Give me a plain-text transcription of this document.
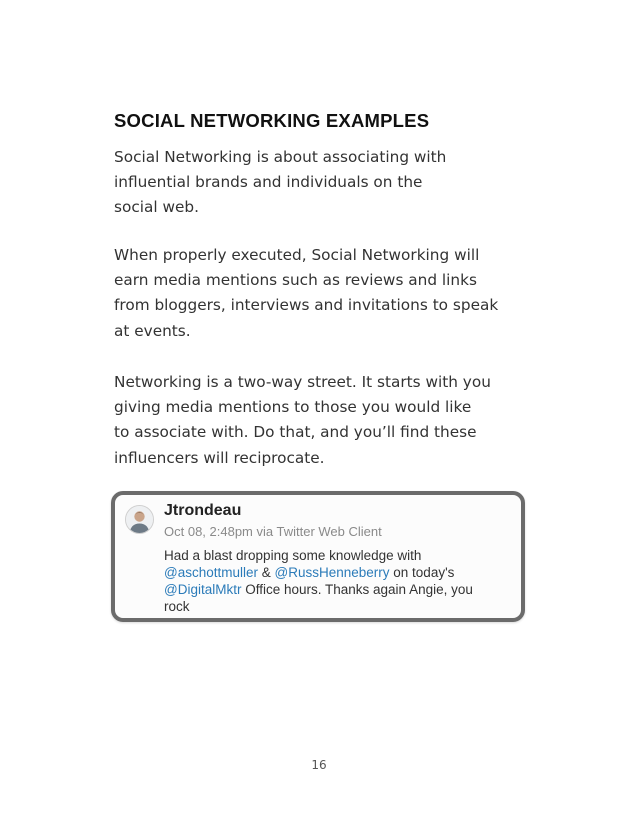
SOCIAL NETWORKING EXAMPLES

Social Networking is about associating with
influential brands and individuals on the
social web.

When properly executed, Social Networking will
earn media mentions such as reviews and links
from bloggers, interviews and invitations to speak
at events.

Networking is a two-way street. It starts with you
giving media mentions to those you would like
to associate with. Do that, and you’ll find these
influencers will reciprocate.

Jtrondeau
Oct 08, 2:48pm via Twitter Web Client
Had a blast dropping some knowledge with
@aschottmuller & @RussHenneberry on today's
@DigitalMktr Office hours. Thanks again Angie, you
rock
16
